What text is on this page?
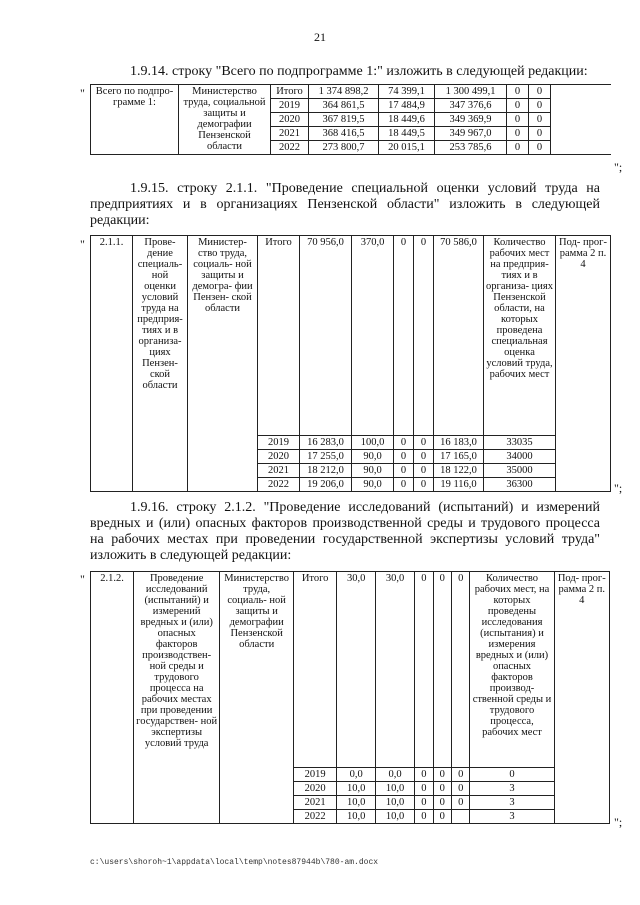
21
1.9.14. строку "Всего по подпрограмме 1:" изложить в следующей редакции:
"
";
Всего по подпро- грамме 1:	Министерство труда, социальной защиты и демографии Пензенской области	Итого	1 374 898,2	74 399,1	1 300 499,1	0	0	
		2019	364 861,5	17 484,9	347 376,6	0	0	
		2020	367 819,5	18 449,6	349 369,9	0	0	
		2021	368 416,5	18 449,5	349 967,0	0	0	
		2022	273 800,7	20 015,1	253 785,6	0	0	
1.9.15. строку 2.1.1. "Проведение специальной оценки условий труда на предприятиях и в организациях Пензенской области" изложить в следующей редакции:
"
";
2.1.1.	Прове- дение специаль- ной оценки условий труда на предприя- тиях и в организа- циях Пензен- ской области	Министер- ство труда, социаль- ной защиты и демогра- фии Пензен- ской области	Итого	70 956,0	370,0	0	0	70 586,0	Количество рабочих мест на предприя- тиях и в организа- циях Пензенской области, на которых проведена специальная оценка условий труда, рабочих мест	Под- прог- рамма 2 п. 4
			2019	16 283,0	100,0	0	0	16 183,0	33035	
			2020	17 255,0	90,0	0	0	17 165,0	34000	
			2021	18 212,0	90,0	0	0	18 122,0	35000	
			2022	19 206,0	90,0	0	0	19 116,0	36300	
1.9.16. строку 2.1.2. "Проведение исследований (испытаний) и измерений вредных и (или) опасных факторов производственной среды и трудового процесса на рабочих местах при проведении государственной экспертизы условий труда" изложить в следующей редакции:
"
";
2.1.2.	Проведение исследований (испытаний) и измерений вредных и (или) опасных факторов производствен- ной среды и трудового процесса на рабочих местах при проведении государствен- ной экспертизы условий труда	Министерство труда, социаль- ной защиты и демографии Пензенской области	Итого	30,0	30,0	0	0	0	Количество рабочих мест, на которых проведены исследования (испытания) и измерения вредных и (или) опасных факторов производ- ственной среды и трудового процесса, рабочих мест	Под- прог- рамма 2 п. 4
			2019	0,0	0,0	0	0	0	0	
			2020	10,0	10,0	0	0	0	3	
			2021	10,0	10,0	0	0	0	3	
			2022	10,0	10,0	0	0		3	
c:\users\shoroh~1\appdata\local\temp\notes87944b\780-am.docx
